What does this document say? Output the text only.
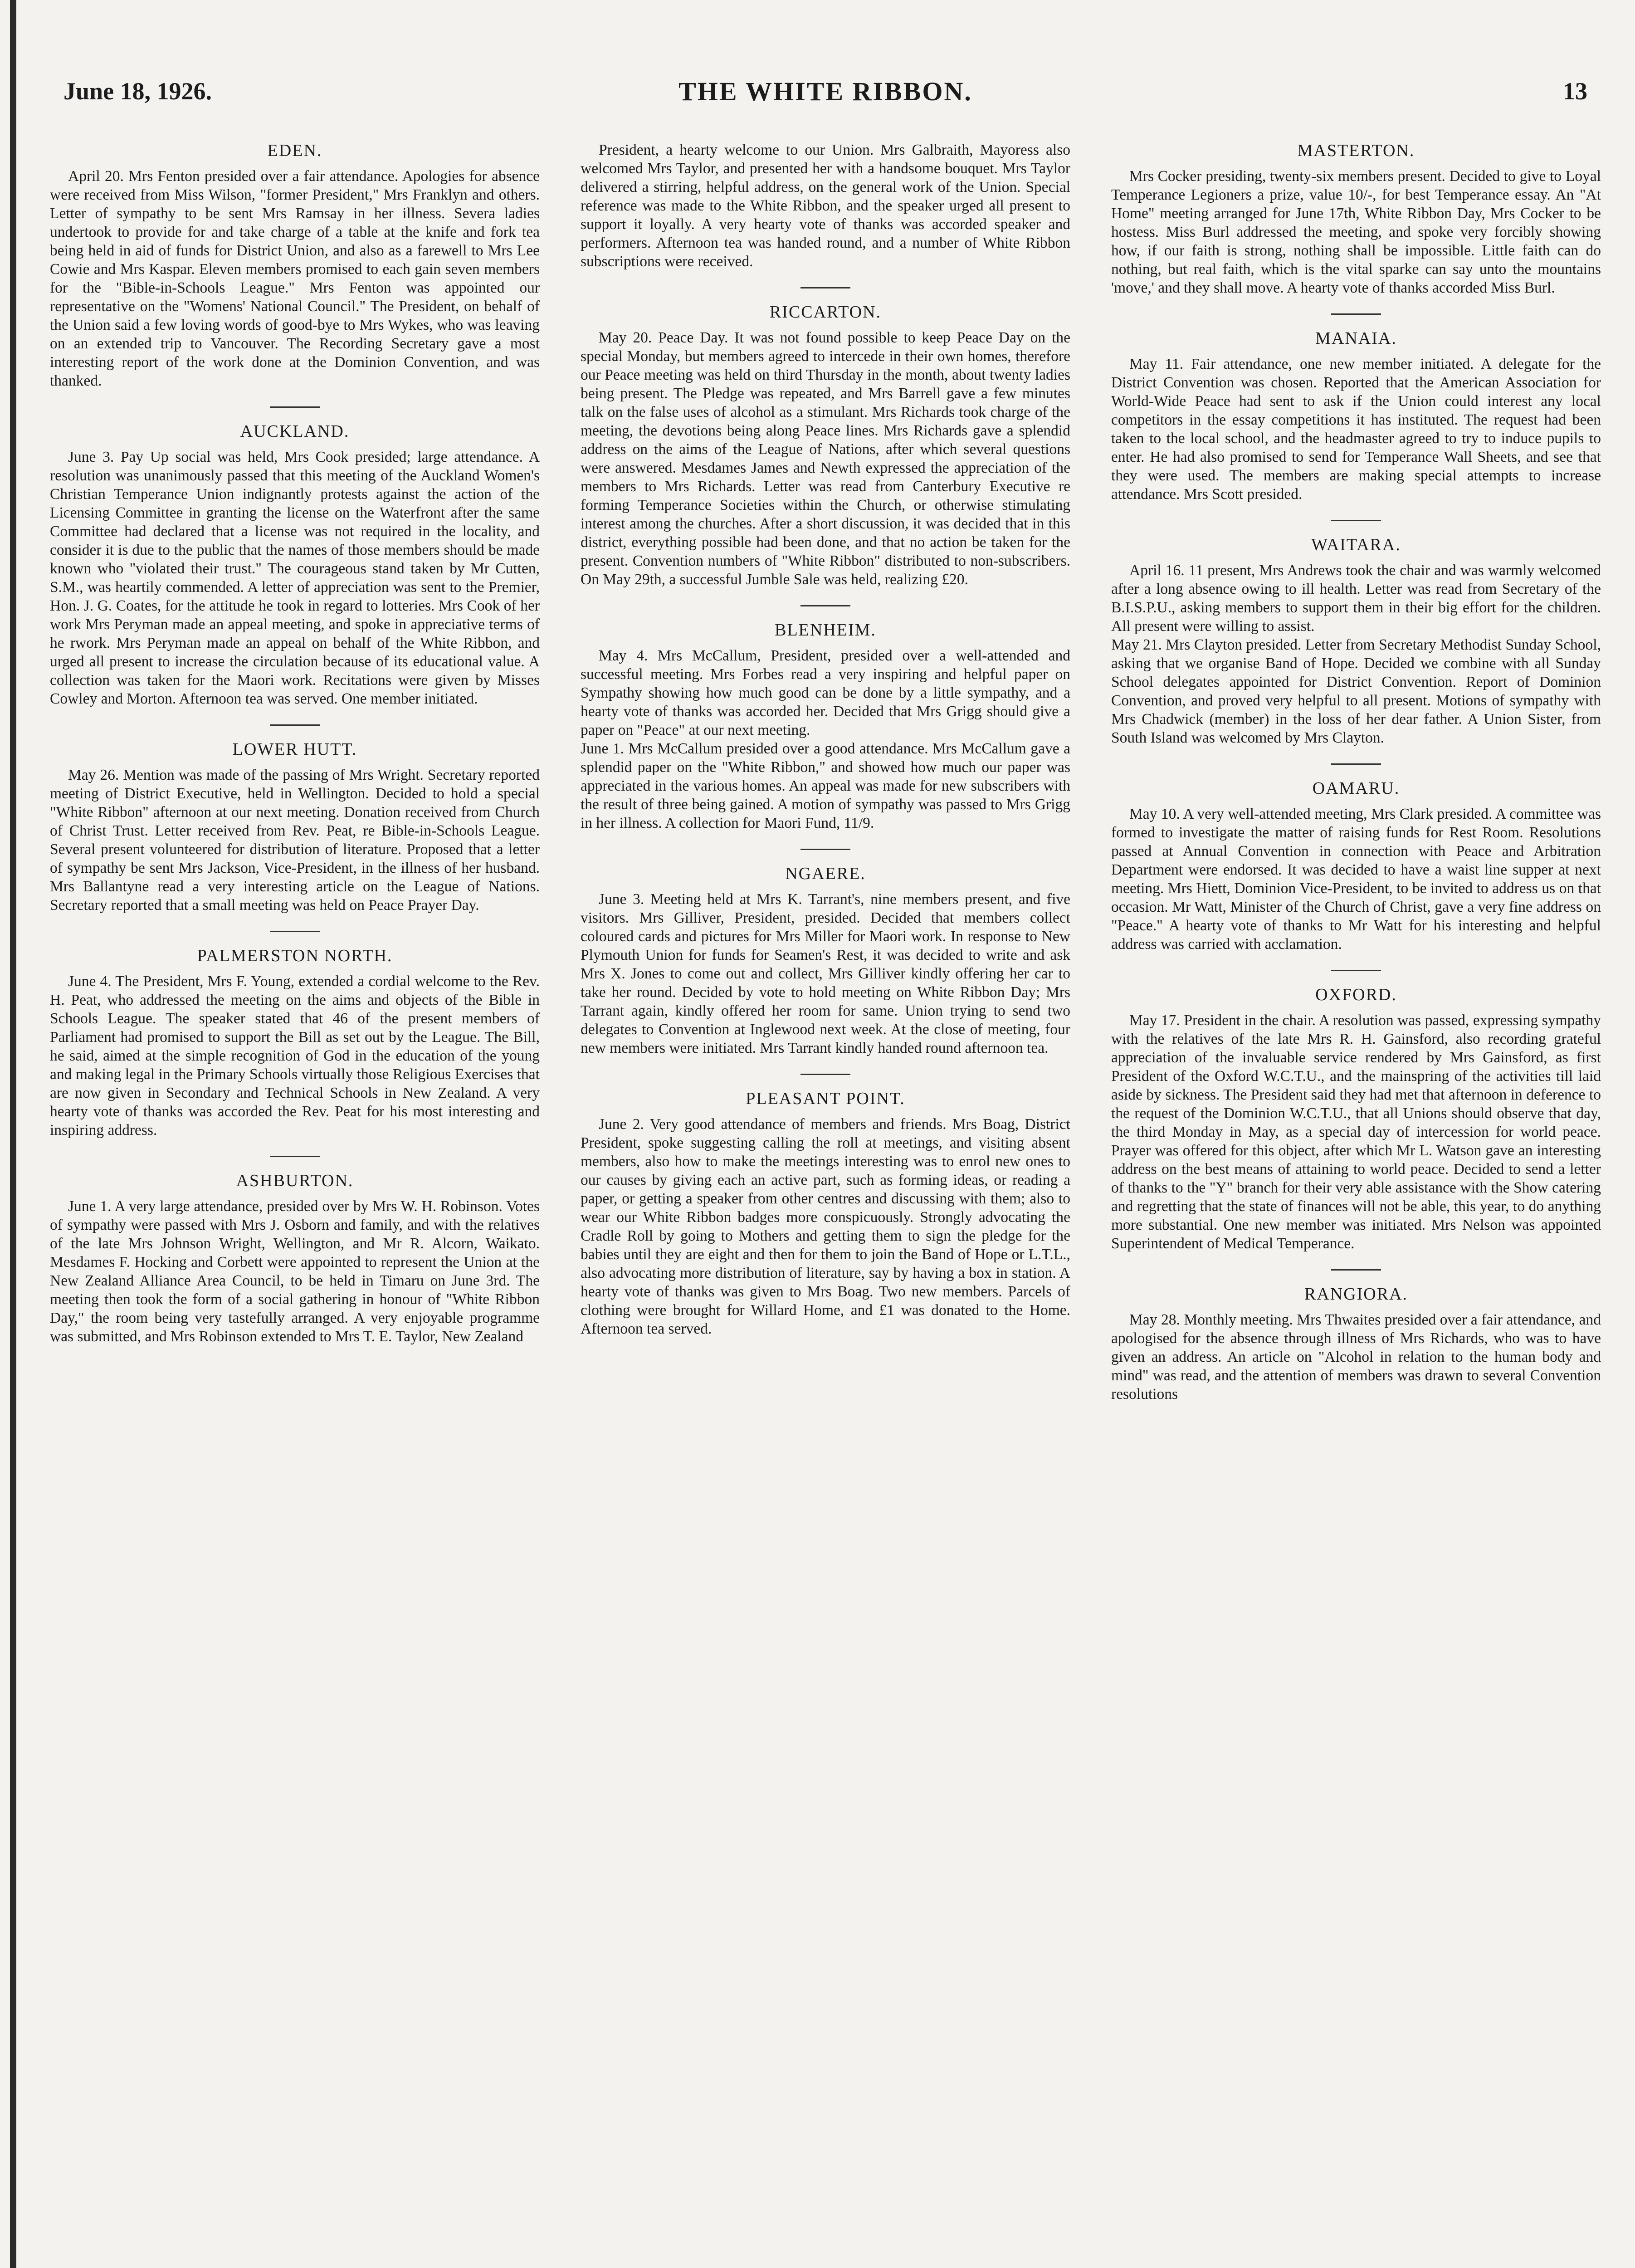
June 18, 1926.	THE WHITE RIBBON.	13
EDEN.

April 20. Mrs Fenton presided over a fair attendance. Apologies for absence were received from Miss Wilson, "former President," Mrs Franklyn and others. Letter of sympathy to be sent Mrs Ramsay in her illness. Severa ladies undertook to provide for and take charge of a table at the knife and fork tea being held in aid of funds for District Union, and also as a farewell to Mrs Lee Cowie and Mrs Kaspar. Eleven members promised to each gain seven members for the "Bible-in-Schools League." Mrs Fenton was appointed our representative on the "Womens' National Council." The President, on behalf of the Union said a few loving words of good-bye to Mrs Wykes, who was leaving on an extended trip to Vancouver. The Recording Secretary gave a most interesting report of the work done at the Dominion Convention, and was thanked.

AUCKLAND.

June 3. Pay Up social was held, Mrs Cook presided; large attendance. A resolution was unanimously passed that this meeting of the Auckland Women's Christian Temperance Union indignantly protests against the action of the Licensing Committee in granting the license on the Waterfront after the same Committee had declared that a license was not required in the locality, and consider it is due to the public that the names of those members should be made known who "violated their trust." The courageous stand taken by Mr Cutten, S.M., was heartily commended. A letter of appreciation was sent to the Premier, Hon. J. G. Coates, for the attitude he took in regard to lotteries. Mrs Cook of her work Mrs Peryman made an appeal meeting, and spoke in appreciative terms of he rwork. Mrs Peryman made an appeal on behalf of the White Ribbon, and urged all present to increase the circulation because of its educational value. A collection was taken for the Maori work. Recitations were given by Misses Cowley and Morton. Afternoon tea was served. One member initiated.

LOWER HUTT.

May 26. Mention was made of the passing of Mrs Wright. Secretary reported meeting of District Executive, held in Wellington. Decided to hold a special "White Ribbon" afternoon at our next meeting. Donation received from Church of Christ Trust. Letter received from Rev. Peat, re Bible-in-Schools League. Several present volunteered for distribution of literature. Proposed that a letter of sympathy be sent Mrs Jackson, Vice-President, in the illness of her husband. Mrs Ballantyne read a very interesting article on the League of Nations. Secretary reported that a small meeting was held on Peace Prayer Day.

PALMERSTON NORTH.

June 4. The President, Mrs F. Young, extended a cordial welcome to the Rev. H. Peat, who addressed the meeting on the aims and objects of the Bible in Schools League. The speaker stated that 46 of the present members of Parliament had promised to support the Bill as set out by the League. The Bill, he said, aimed at the simple recognition of God in the education of the young and making legal in the Primary Schools virtually those Religious Exercises that are now given in Secondary and Technical Schools in New Zealand. A very hearty vote of thanks was accorded the Rev. Peat for his most interesting and inspiring address.

ASHBURTON.

June 1. A very large attendance, presided over by Mrs W. H. Robinson. Votes of sympathy were passed with Mrs J. Osborn and family, and with the relatives of the late Mrs Johnson Wright, Wellington, and Mr R. Alcorn, Waikato. Mesdames F. Hocking and Corbett were appointed to represent the Union at the New Zealand Alliance Area Council, to be held in Timaru on June 3rd. The meeting then took the form of a social gathering in honour of "White Ribbon Day," the room being very tastefully arranged. A very enjoyable programme was submitted, and Mrs Robinson extended to Mrs T. E. Taylor, New Zealand

President, a hearty welcome to our Union. Mrs Galbraith, Mayoress also welcomed Mrs Taylor, and presented her with a handsome bouquet. Mrs Taylor delivered a stirring, helpful address, on the general work of the Union. Special reference was made to the White Ribbon, and the speaker urged all present to support it loyally. A very hearty vote of thanks was accorded speaker and performers. Afternoon tea was handed round, and a number of White Ribbon subscriptions were received.

RICCARTON.

May 20. Peace Day. It was not found possible to keep Peace Day on the special Monday, but members agreed to intercede in their own homes, therefore our Peace meeting was held on third Thursday in the month, about twenty ladies being present. The Pledge was repeated, and Mrs Barrell gave a few minutes talk on the false uses of alcohol as a stimulant. Mrs Richards took charge of the meeting, the devotions being along Peace lines. Mrs Richards gave a splendid address on the aims of the League of Nations, after which several questions were answered. Mesdames James and Newth expressed the appreciation of the members to Mrs Richards. Letter was read from Canterbury Executive re forming Temperance Societies within the Church, or otherwise stimulating interest among the churches. After a short discussion, it was decided that in this district, everything possible had been done, and that no action be taken for the present. Convention numbers of "White Ribbon" distributed to non-subscribers. On May 29th, a successful Jumble Sale was held, realizing £20.

BLENHEIM.

May 4. Mrs McCallum, President, presided over a well-attended and successful meeting. Mrs Forbes read a very inspiring and helpful paper on Sympathy showing how much good can be done by a little sympathy, and a hearty vote of thanks was accorded her. Decided that Mrs Grigg should give a paper on "Peace" at our next meeting.
June 1. Mrs McCallum presided over a good attendance. Mrs McCallum gave a splendid paper on the "White Ribbon," and showed how much our paper was appreciated in the various homes. An appeal was made for new subscribers with the result of three being gained. A motion of sympathy was passed to Mrs Grigg in her illness. A collection for Maori Fund, 11/9.

NGAERE.

June 3. Meeting held at Mrs K. Tarrant's, nine members present, and five visitors. Mrs Gilliver, President, presided. Decided that members collect coloured cards and pictures for Mrs Miller for Maori work. In response to New Plymouth Union for funds for Seamen's Rest, it was decided to write and ask Mrs X. Jones to come out and collect, Mrs Gilliver kindly offering her car to take her round. Decided by vote to hold meeting on White Ribbon Day; Mrs Tarrant again, kindly offered her room for same. Union trying to send two delegates to Convention at Inglewood next week. At the close of meeting, four new members were initiated. Mrs Tarrant kindly handed round afternoon tea.

PLEASANT POINT.

June 2. Very good attendance of members and friends. Mrs Boag, District President, spoke suggesting calling the roll at meetings, and visiting absent members, also how to make the meetings interesting was to enrol new ones to our causes by giving each an active part, such as forming ideas, or reading a paper, or getting a speaker from other centres and discussing with them; also to wear our White Ribbon badges more conspicuously. Strongly advocating the Cradle Roll by going to Mothers and getting them to sign the pledge for the babies until they are eight and then for them to join the Band of Hope or L.T.L., also advocating more distribution of literature, say by having a box in station. A hearty vote of thanks was given to Mrs Boag. Two new members. Parcels of clothing were brought for Willard Home, and £1 was donated to the Home. Afternoon tea served.

MASTERTON.

Mrs Cocker presiding, twenty-six members present. Decided to give to Loyal Temperance Legioners a prize, value 10/-, for best Temperance essay. An "At Home" meeting arranged for June 17th, White Ribbon Day, Mrs Cocker to be hostess. Miss Burl addressed the meeting, and spoke very forcibly showing how, if our faith is strong, nothing shall be impossible. Little faith can do nothing, but real faith, which is the vital sparke can say unto the mountains 'move,' and they shall move. A hearty vote of thanks accorded Miss Burl.

MANAIA.

May 11. Fair attendance, one new member initiated. A delegate for the District Convention was chosen. Reported that the American Association for World-Wide Peace had sent to ask if the Union could interest any local competitors in the essay competitions it has instituted. The request had been taken to the local school, and the headmaster agreed to try to induce pupils to enter. He had also promised to send for Temperance Wall Sheets, and see that they were used. The members are making special attempts to increase attendance. Mrs Scott presided.

WAITARA.

April 16. 11 present, Mrs Andrews took the chair and was warmly welcomed after a long absence owing to ill health. Letter was read from Secretary of the B.I.S.P.U., asking members to support them in their big effort for the children. All present were willing to assist.
May 21. Mrs Clayton presided. Letter from Secretary Methodist Sunday School, asking that we organise Band of Hope. Decided we combine with all Sunday School delegates appointed for District Convention. Report of Dominion Convention, and proved very helpful to all present. Motions of sympathy with Mrs Chadwick (member) in the loss of her dear father. A Union Sister, from South Island was welcomed by Mrs Clayton.

OAMARU.

May 10. A very well-attended meeting, Mrs Clark presided. A committee was formed to investigate the matter of raising funds for Rest Room. Resolutions passed at Annual Convention in connection with Peace and Arbitration Department were endorsed. It was decided to have a waist line supper at next meeting. Mrs Hiett, Dominion Vice-President, to be invited to address us on that occasion. Mr Watt, Minister of the Church of Christ, gave a very fine address on "Peace." A hearty vote of thanks to Mr Watt for his interesting and helpful address was carried with acclamation.

OXFORD.

May 17. President in the chair. A resolution was passed, expressing sympathy with the relatives of the late Mrs R. H. Gainsford, also recording grateful appreciation of the invaluable service rendered by Mrs Gainsford, as first President of the Oxford W.C.T.U., and the mainspring of the activities till laid aside by sickness. The President said they had met that afternoon in deference to the request of the Dominion W.C.T.U., that all Unions should observe that day, the third Monday in May, as a special day of intercession for world peace. Prayer was offered for this object, after which Mr L. Watson gave an interesting address on the best means of attaining to world peace. Decided to send a letter of thanks to the "Y" branch for their very able assistance with the Show catering and regretting that the state of finances will not be able, this year, to do anything more substantial. One new member was initiated. Mrs Nelson was appointed Superintendent of Medical Temperance.

RANGIORA.

May 28. Monthly meeting. Mrs Thwaites presided over a fair attendance, and apologised for the absence through illness of Mrs Richards, who was to have given an address. An article on "Alcohol in relation to the human body and mind" was read, and the attention of members was drawn to several Convention resolutions
